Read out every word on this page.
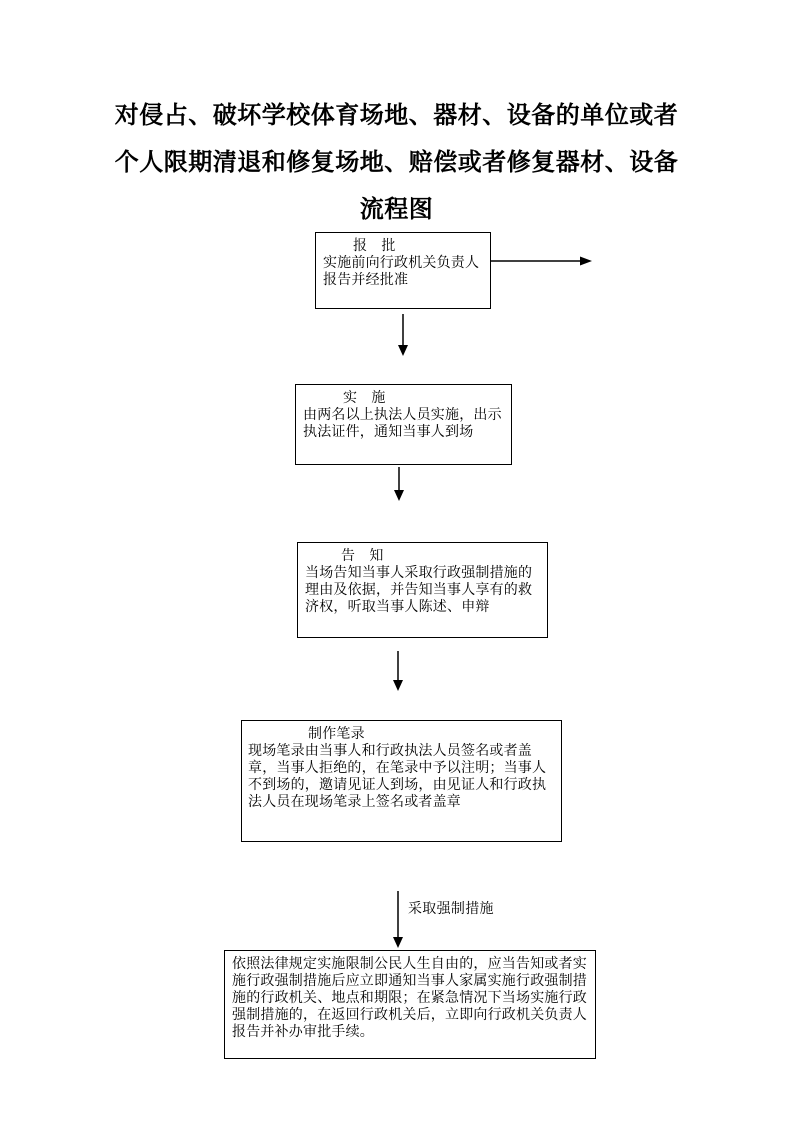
对侵占、破坏学校体育场地、器材、设备的单位或者
个人限期清退和修复场地、赔偿或者修复器材、设备
流程图
报　批
实施前向行政机关负责人报告并经批准
实　施
由两名以上执法人员实施，出示执法证件，通知当事人到场
告　知
当场告知当事人采取行政强制措施的理由及依据，并告知当事人享有的救济权，听取当事人陈述、申辩
制作笔录
现场笔录由当事人和行政执法人员签名或者盖章，当事人拒绝的，在笔录中予以注明；当事人不到场的，邀请见证人到场，由见证人和行政执法人员在现场笔录上签名或者盖章
采取强制措施
依照法律规定实施限制公民人生自由的，应当告知或者实施行政强制措施后应立即通知当事人家属实施行政强制措施的行政机关、地点和期限；在紧急情况下当场实施行政强制措施的，在返回行政机关后，立即向行政机关负责人报告并补办审批手续。
